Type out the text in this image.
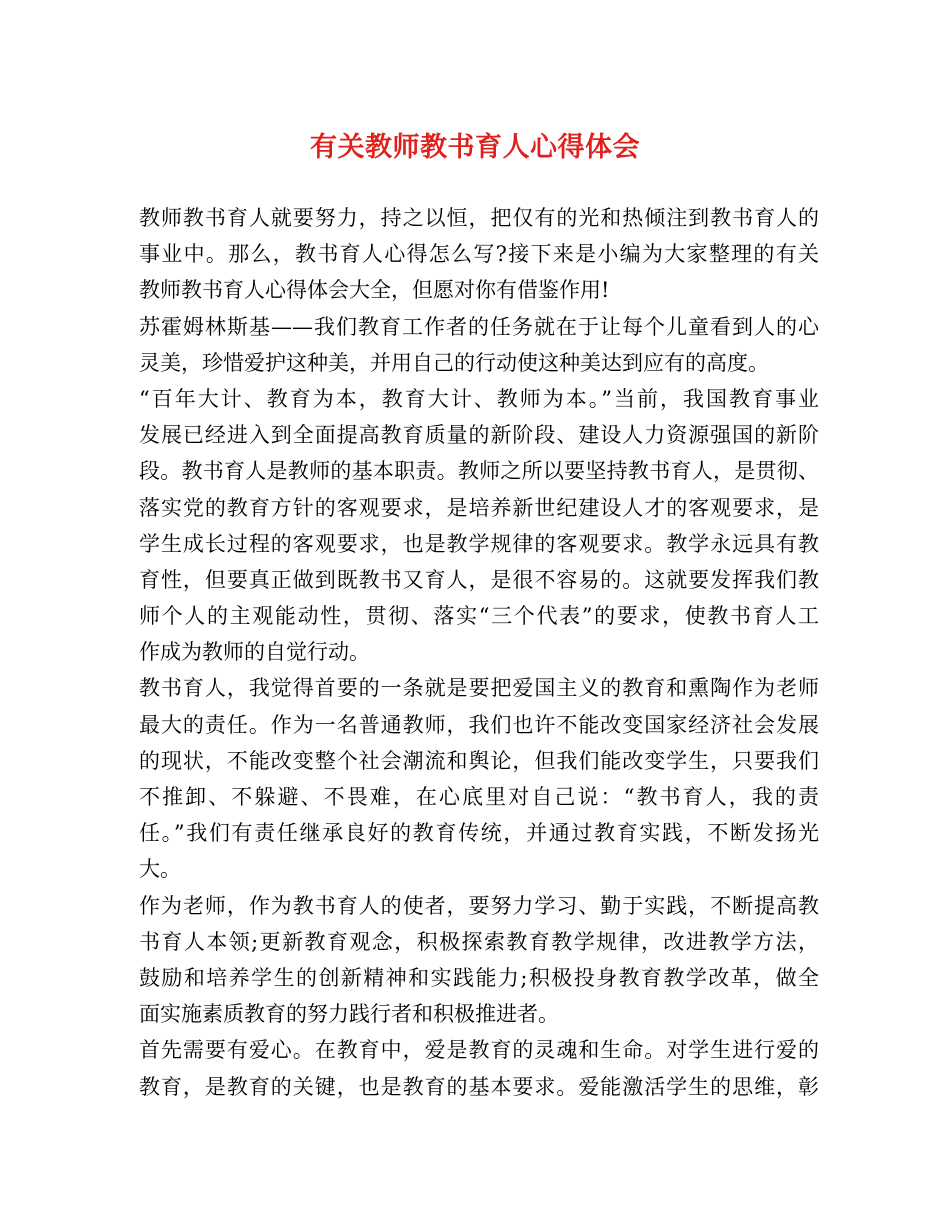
有关教师教书育人心得体会
教师教书育人就要努力，持之以恒，把仅有的光和热倾注到教书育人的
事业中。那么，教书育人心得怎么写?接下来是小编为大家整理的有关
教师教书育人心得体会大全，但愿对你有借鉴作用!
苏霍姆林斯基——我们教育工作者的任务就在于让每个儿童看到人的心
灵美，珍惜爱护这种美，并用自己的行动使这种美达到应有的高度。
“百年大计、教育为本，教育大计、教师为本。”当前，我国教育事业
发展已经进入到全面提高教育质量的新阶段、建设人力资源强国的新阶
段。教书育人是教师的基本职责。教师之所以要坚持教书育人，是贯彻、
落实党的教育方针的客观要求，是培养新世纪建设人才的客观要求，是
学生成长过程的客观要求，也是教学规律的客观要求。教学永远具有教
育性，但要真正做到既教书又育人，是很不容易的。这就要发挥我们教
师个人的主观能动性，贯彻、落实“三个代表”的要求，使教书育人工
作成为教师的自觉行动。
教书育人，我觉得首要的一条就是要把爱国主义的教育和熏陶作为老师
最大的责任。作为一名普通教师，我们也许不能改变国家经济社会发展
的现状，不能改变整个社会潮流和舆论，但我们能改变学生，只要我们
不推卸、不躲避、不畏难，在心底里对自己说：“教书育人，我的责
任。”我们有责任继承良好的教育传统，并通过教育实践，不断发扬光
大。
作为老师，作为教书育人的使者，要努力学习、勤于实践，不断提高教
书育人本领;更新教育观念，积极探索教育教学规律，改进教学方法，
鼓励和培养学生的创新精神和实践能力;积极投身教育教学改革，做全
面实施素质教育的努力践行者和积极推进者。
首先需要有爱心。在教育中，爱是教育的灵魂和生命。对学生进行爱的
教育，是教育的关键，也是教育的基本要求。爱能激活学生的思维，彰
